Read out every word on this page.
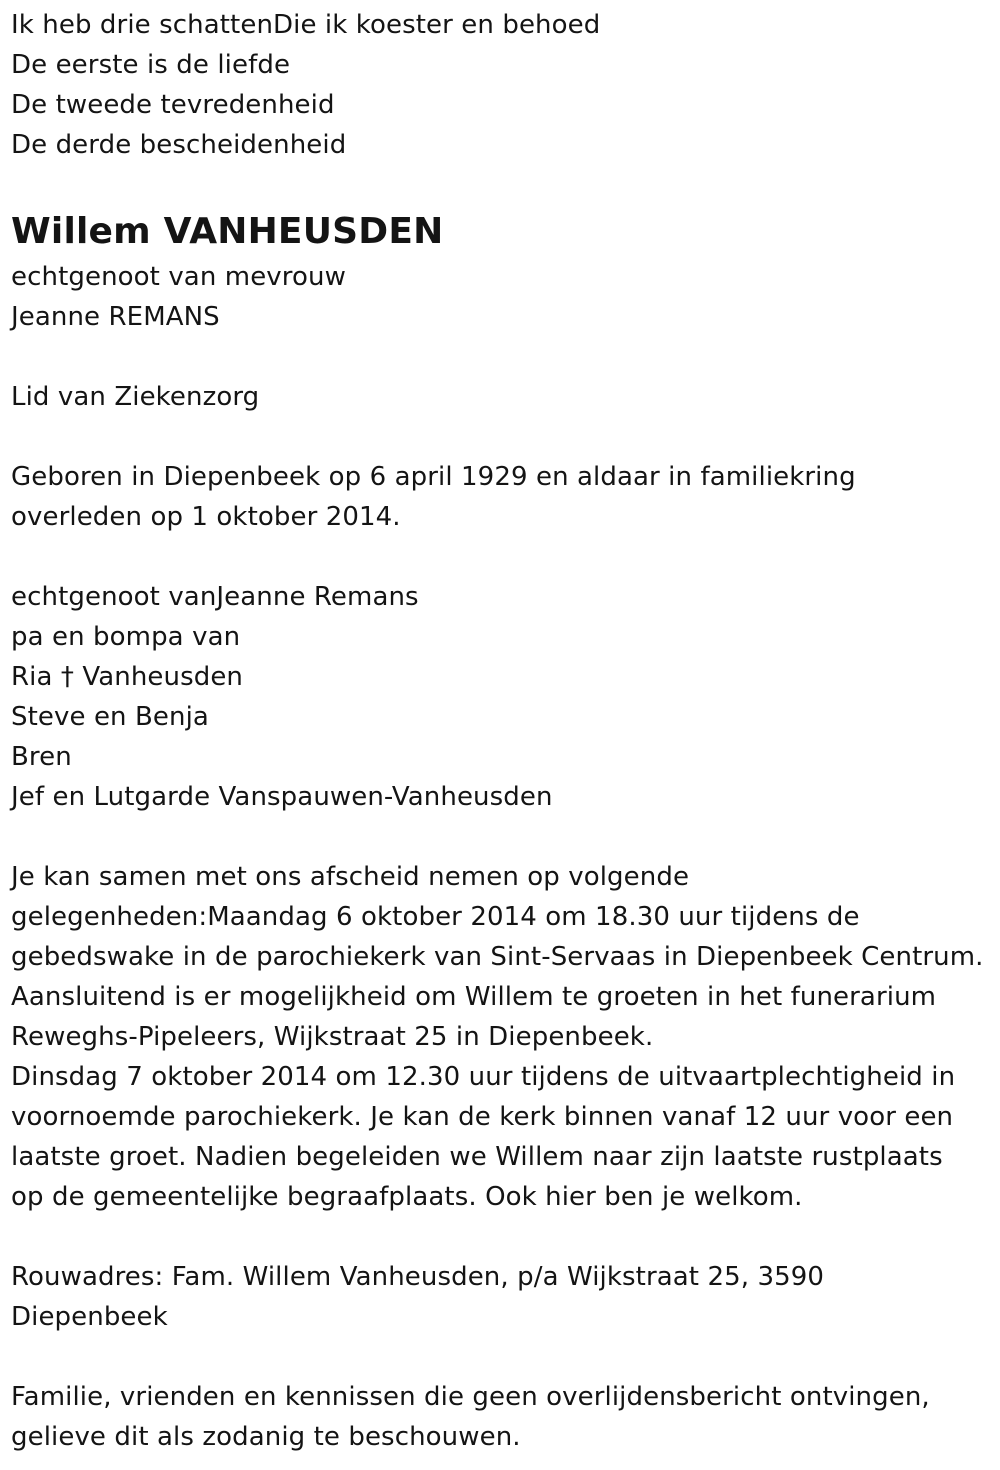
Ik heb drie schattenDie ik koester en behoed
De eerste is de liefde
De tweede tevredenheid
De derde bescheidenheid
Willem VANHEUSDEN
echtgenoot van mevrouw
Jeanne REMANS
Lid van Ziekenzorg
Geboren in Diepenbeek op 6 april 1929 en aldaar in familiekring
overleden op 1 oktober 2014.
echtgenoot vanJeanne Remans
pa en bompa van
Ria † Vanheusden
Steve en Benja
Bren
Jef en Lutgarde Vanspauwen-Vanheusden
Je kan samen met ons afscheid nemen op volgende
gelegenheden:Maandag 6 oktober 2014 om 18.30 uur tijdens de
gebedswake in de parochiekerk van Sint-Servaas in Diepenbeek Centrum.
Aansluitend is er mogelijkheid om Willem te groeten in het funerarium
Reweghs-Pipeleers, Wijkstraat 25 in Diepenbeek.
Dinsdag 7 oktober 2014 om 12.30 uur tijdens de uitvaartplechtigheid in
voornoemde parochiekerk. Je kan de kerk binnen vanaf 12 uur voor een
laatste groet. Nadien begeleiden we Willem naar zijn laatste rustplaats
op de gemeentelijke begraafplaats. Ook hier ben je welkom.
Rouwadres: Fam. Willem Vanheusden, p/a Wijkstraat 25, 3590
Diepenbeek
Familie, vrienden en kennissen die geen overlijdensbericht ontvingen,
gelieve dit als zodanig te beschouwen.
